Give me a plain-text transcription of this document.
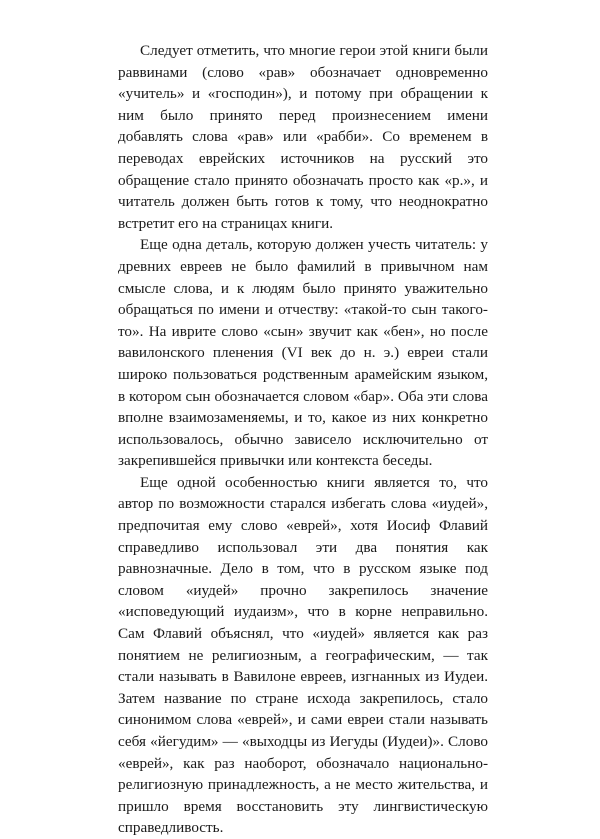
Следует отметить, что многие герои этой книги были раввинами (слово «рав» обозначает одновременно «учитель» и «господин»), и потому при обращении к ним было принято перед произнесением имени добавлять слова «рав» или «рабби». Со временем в переводах еврейских источников на русский это обращение стало принято обозначать просто как «р.», и читатель должен быть готов к тому, что неоднократно встретит его на страницах книги.

Еще одна деталь, которую должен учесть читатель: у древних евреев не было фамилий в привычном нам смысле слова, и к людям было принято уважительно обращаться по имени и отчеству: «такой-то сын такого-то». На иврите слово «сын» звучит как «бен», но после вавилонского пленения (VI век до н. э.) евреи стали широко пользоваться родственным арамейским языком, в котором сын обозначается словом «бар». Оба эти слова вполне взаимозаменяемы, и то, какое из них конкретно использовалось, обычно зависело исключительно от закрепившейся привычки или контекста беседы.

Еще одной особенностью книги является то, что автор по возможности старался избегать слова «иудей», предпочитая ему слово «еврей», хотя Иосиф Флавий справедливо использовал эти два понятия как равнозначные. Дело в том, что в русском языке под словом «иудей» прочно закрепилось значение «исповедующий иудаизм», что в корне неправильно. Сам Флавий объяснял, что «иудей» является как раз понятием не религиозным, а географическим, — так стали называть в Вавилоне евреев, изгнанных из Иудеи. Затем название по стране исхода закрепилось, стало синонимом слова «еврей», и сами евреи стали называть себя «йегудим» — «выходцы из Иегуды (Иудеи)». Слово «еврей», как раз наоборот, обозначало национально-религиозную принадлежность, а не место жительства, и пришло время восстановить эту лингвистическую справедливость.
